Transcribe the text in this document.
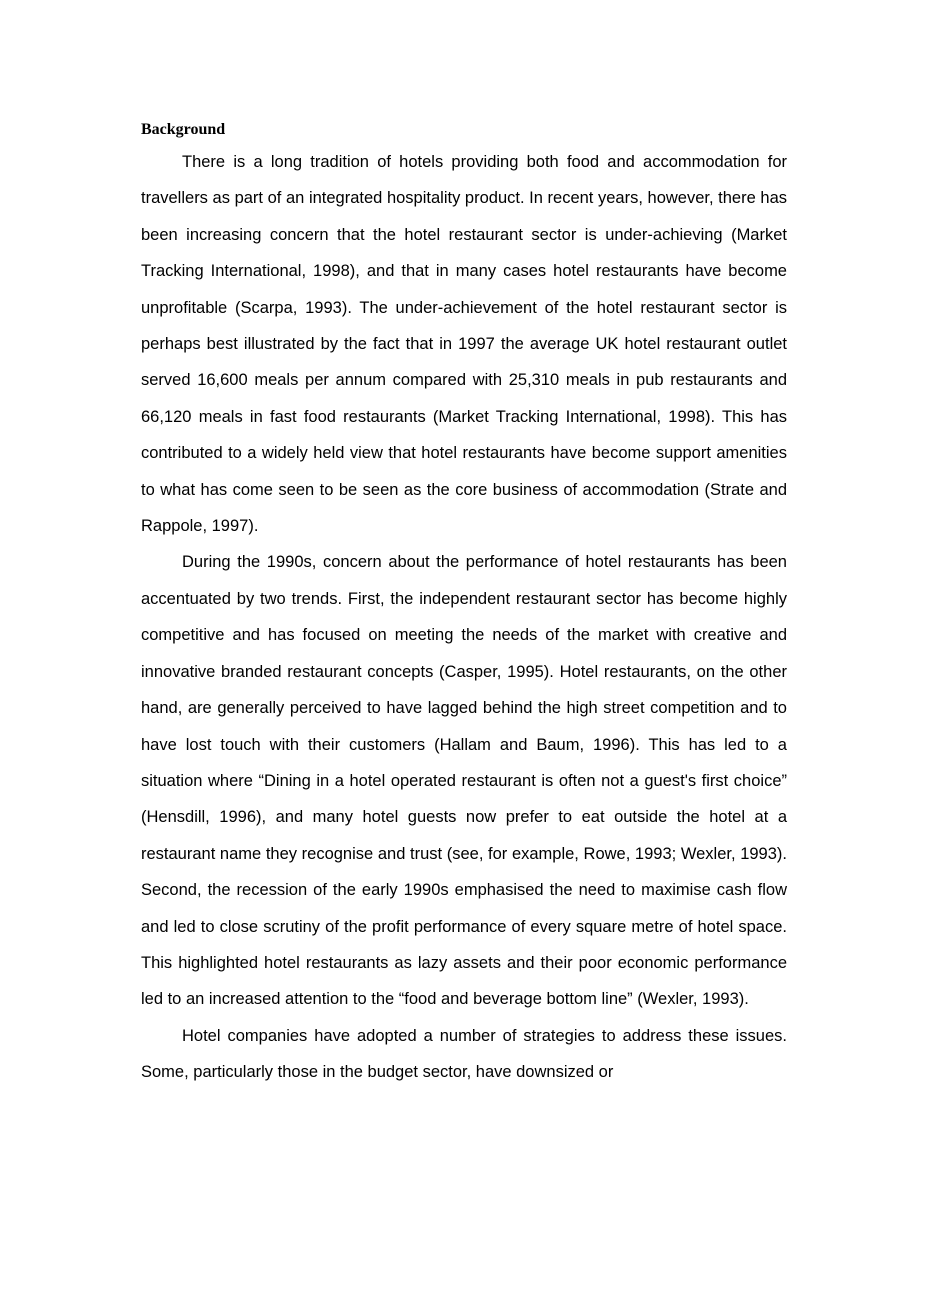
Background

There is a long tradition of hotels providing both food and accommodation for travellers as part of an integrated hospitality product. In recent years, however, there has been increasing concern that the hotel restaurant sector is under-achieving (Market Tracking International, 1998), and that in many cases hotel restaurants have become unprofitable (Scarpa, 1993). The under-achievement of the hotel restaurant sector is perhaps best illustrated by the fact that in 1997 the average UK hotel restaurant outlet served 16,600 meals per annum compared with 25,310 meals in pub restaurants and 66,120 meals in fast food restaurants (Market Tracking International, 1998). This has contributed to a widely held view that hotel restaurants have become support amenities to what has come seen to be seen as the core business of accommodation (Strate and Rappole, 1997).

During the 1990s, concern about the performance of hotel restaurants has been accentuated by two trends. First, the independent restaurant sector has become highly competitive and has focused on meeting the needs of the market with creative and innovative branded restaurant concepts (Casper, 1995). Hotel restaurants, on the other hand, are generally perceived to have lagged behind the high street competition and to have lost touch with their customers (Hallam and Baum, 1996). This has led to a situation where “Dining in a hotel operated restaurant is often not a guest's first choice” (Hensdill, 1996), and many hotel guests now prefer to eat outside the hotel at a restaurant name they recognise and trust (see, for example, Rowe, 1993; Wexler, 1993). Second, the recession of the early 1990s emphasised the need to maximise cash flow and led to close scrutiny of the profit performance of every square metre of hotel space. This highlighted hotel restaurants as lazy assets and their poor economic performance led to an increased attention to the “food and beverage bottom line” (Wexler, 1993).

Hotel companies have adopted a number of strategies to address these issues. Some, particularly those in the budget sector, have downsized or
